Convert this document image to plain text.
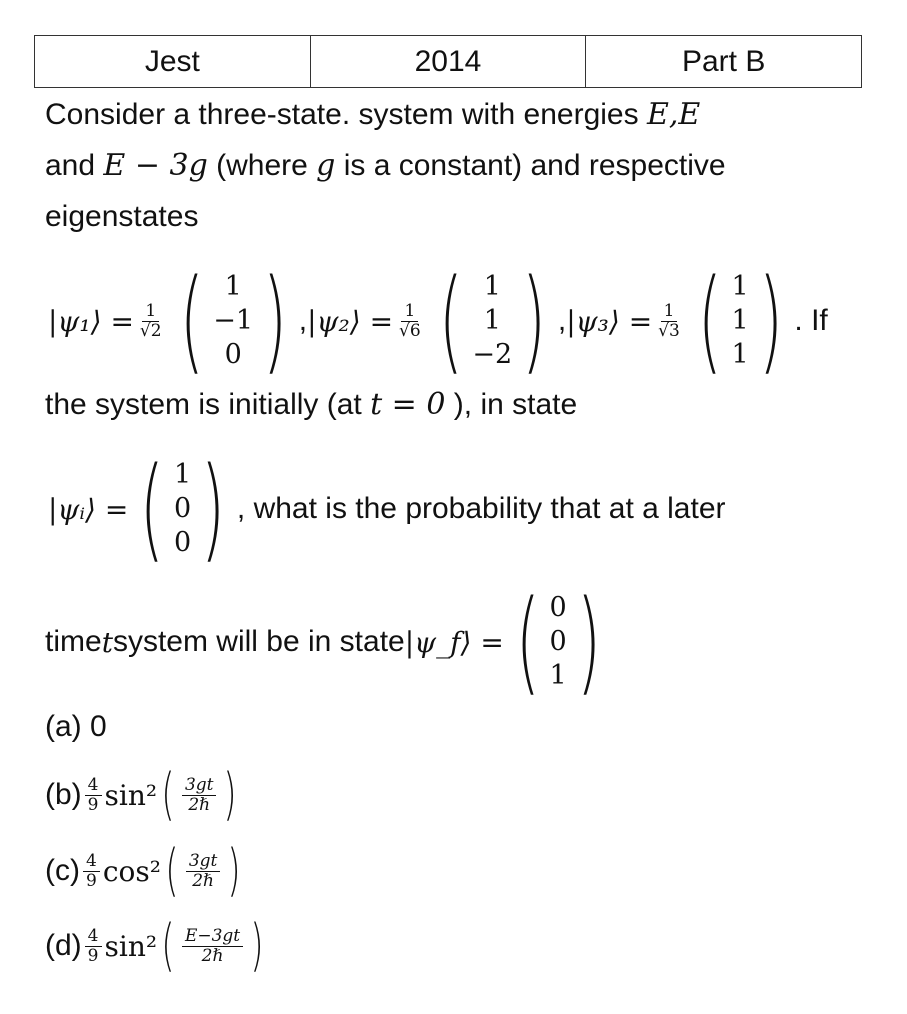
Jest	2014	Part B
Consider a three-state. system with energies E,E
and E − 3g (where g is a constant) and respective
eigenstates
|ψ₁⟩ = $\frac{1}{√2}$ ( 1
−1
0 ) , |ψ₂⟩ = $\frac{1}{√6}$ ( 1
1
−2 ) , |ψ₃⟩ = $\frac{1}{√3}$ ( 1
1
1 ) . If
the system is initially (at t = 0 ), in state
|ψᵢ⟩ = ( 1
0
0 ) , what is the probability that at a later
time t system will be in state |ψ_f⟩ = ( 0
0
1 )
(a) 0
$(b) \frac{4}{9} \sin^2$ ( $\frac{3gt}{\text{2ℏ}}$ )
$(c) \frac{4}{9} \cos^2$ ( $\frac{3gt}{\text{2ℏ}}$ )
$(d) \frac{4}{9} \sin^2$ ( $\frac{E-3gt}{\text{2ℏ}}$ )
